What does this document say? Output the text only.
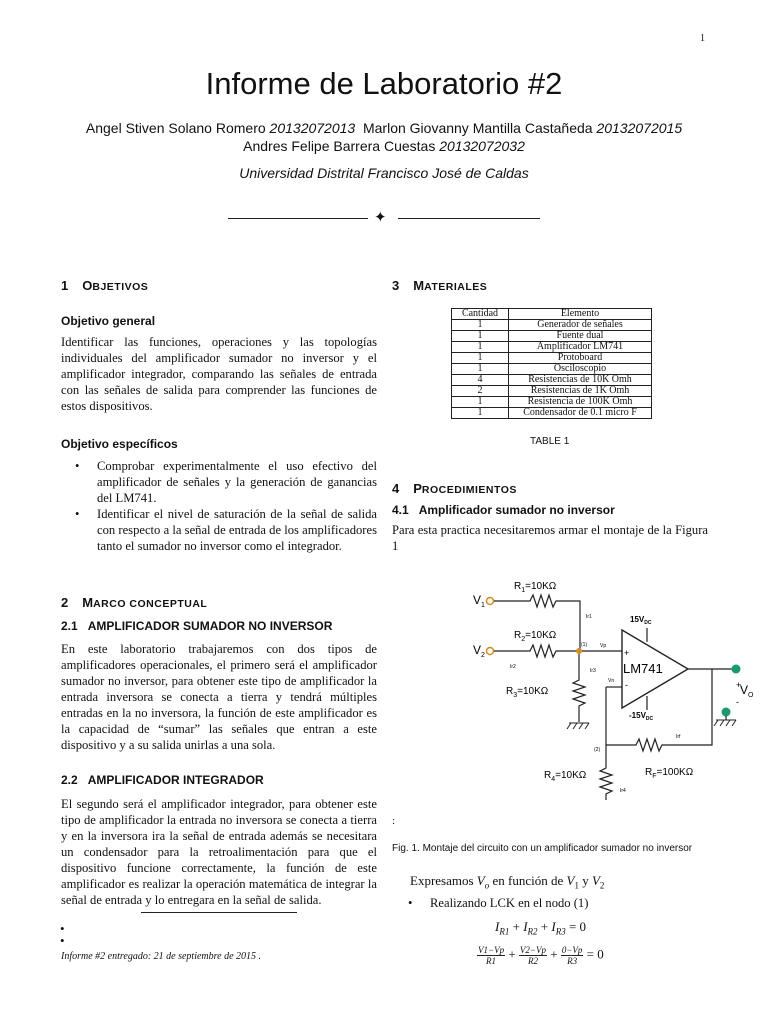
1
Informe de Laboratorio #2
Angel Stiven Solano Romero 20132072013 Marlon Giovanny Mantilla Castañeda 20132072015
Andres Felipe Barrera Cuestas 20132072032
Universidad Distrital Francisco José de Caldas
✦
1 OBJETIVOS
Objetivo general
Identificar las funciones, operaciones y las topologías individuales del amplificador sumador no inversor y el amplificador integrador, comparando las señales de entrada con las señales de salida para comprender las funciones de estos dispositivos.
Objetivo específicos
• Comprobar experimentalmente el uso efectivo del amplificador de señales y la generación de ganancias del LM741.
• Identificar el nivel de saturación de la señal de salida con respecto a la señal de entrada de los amplificadores tanto el sumador no inversor como el integrador.
2 MARCO CONCEPTUAL
2.1 AMPLIFICADOR SUMADOR NO INVERSOR
En este laboratorio trabajaremos con dos tipos de amplificadores operacionales, el primero será el amplificador sumador no inversor, para obtener este tipo de amplificador la entrada inversora se conecta a tierra y tendrá múltiples entradas en la no inversora, la función de este amplificador es la capacidad de “sumar” las señales que entran a este dispositivo y a su salida unirlas a una sola.
2.2 AMPLIFICADOR INTEGRADOR
El segundo será el amplificador integrador, para obtener este tipo de amplificador la entrada no inversora se conecta a tierra y en la inversora ira la señal de entrada además se necesitara un condensador para la retroalimentación para que el dispositivo funcione correctamente, la función de este amplificador es realizar la operación matemática de integrar la señal de entrada y lo entregara en la señal de salida.
•
•
Informe #2 entregado: 21 de septiembre de 2015 .
3 MATERIALES
Cantidad	Elemento
1	Generador de señales
1	Fuente dual
1	Amplificador LM741
1	Protoboard
1	Osciloscopio
4	Resistencias de 10K Omh
2	Resistencias de 1K Omh
1	Resistencia de 100K Omh
1	Condensador de 0.1 micro F
TABLE 1
4 PROCEDIMIENTOS
4.1 Amplificador sumador no inversor
Para esta practica necesitaremos armar el montaje de la Figura 1
$V_1$
$R_1=10K\Omega$
Ir1
$V_2$
$R_2=10K\Omega$
Ir2
(1)	Vp
Ir3
$R_3=10K\Omega$
LM741
+
-
$15V_{DC}$
$-15V_{DC}$
Vn
Irf
$R_F=100K\Omega$
(2)
Ir4
$R_4=10K\Omega$
+
$V_O$
-
:
Fig. 1. Montaje del circuito con un amplificador sumador no inversor
Expresamos $V_o$ en función de $V_1$ y $V_2$
• Realizando LCK en el nodo (1)
$I_{R1} + I_{R2} + I_{R3} = 0$
$\frac{V1-Vp}{R1} + \frac{V2-Vp}{R2} + \frac{0-Vp}{R3} = 0$
